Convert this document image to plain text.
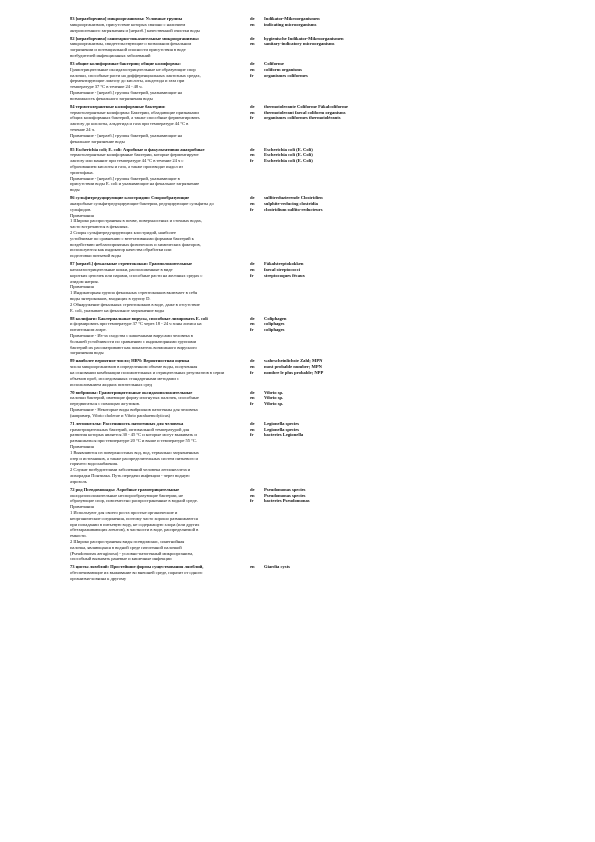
83 [неразборчиво] микроорганизмы: Условные группы
микроорганизмов, присутствие которых связано с наличием
антропогенного загрязнения и [неразб.] качественной очистки воды
de Indikator-Mikroorganismen
en indicating microorganisms
82 [неразборчиво] санитарно-показательные микроорганизмы:
микроорганизмы, свидетельствующие о возможном фекальном
загрязнении и потенциальной опасности присутствия в воде
возбудителей инфекционных заболеваний
de hygienische Indikator-Mikroorganismen
en sanitary-indicatory microorganisms
83 общие колиформные бактерии; общие колиформы:
Грамотрицательные оксидазоотрицательные не образующие спор
палочки, способные расти на дифференциальных лактозных средах,
ферментирующие лактозу до кислоты, альдегида и газа при
температуре 37 °С в течение 24 - 48 ч.
Примечание - [неразб.] группы бактерий, указывающие на
возможность фекального загрязнения воды
de Coliforme
en coliform organisms
fr organismes coliformes
84 термотолерантные колиформные бактерии:
термотолерантные колиформы: Бактерии, обладающие признаками
общих колиформных бактерий, а также способные ферментировать
лактозу до кислоты, альдегида и газа при температуре 44 °С в
течение 24 ч.
Примечание - [неразб.] группы бактерий, указывающие на
фекальное загрязнение воды
de thermotolerante Coliforme Fäkalcoliforme
en thermotolerant faecal coliform organisms
fr organismes coliformes thermotolérants
85 Escherichia coli; E. coli: Аэробные и факультативно анаэробные
термотолерантные колиформные бактерии, которые ферментируют
лактозу или маннит при температуре 44 °С в течение 24 ч с
образованием кислоты и газа, а также производят индол из
триптофана.
Примечание - [неразб.] группы бактерий, указывающие в
присутствии воды E. coli и указывающие на фекальное загрязнение
воды
de Escherichia coli (E. Coli)
en Escherichia coli (E. Coli)
fr Escherichia coli (E. Coli)
86 сульфитредуцирующие клостридии: Спорообразующие
анаэробные сульфитредуцирующие бактерии, редуцирующие сульфиты до
сульфидов.
Примечания
1 Широко распространены в почве, поверхностных и сточных водах,
часто встречаются в фекалиях.
2 Споры сульфитредуцирующих клостридий, наиболее
устойчивые по сравнению с вегетативными формами бактерий к
воздействию неблагоприятных физических и химических факторов,
используются как индикатор качества обработки или
подготовки питьевой воды
de sulfitreduzierende Clostridien
en sulphite-reducing clostridia
fr clostridium sulfito-reducteurs
87 [неразб.] фекальные стрептококки: Грамположительные
каталазоотрицательные кокки, расположенные в виде
коротких цепочек или парами, способные расти на желчных средах с
азидом натрия.
Примечания
1 Индикаторная группа фекальных стрептококков включает в себя
виды энтерококков, входящих в группу D.
2 Обнаружение фекальных стрептококков в воде, даже в отсутствие
E. coli, указывает на фекальное загрязнение воды
de Fäkalstreptokokken
en faecal streptococci
fr streptocoques fécaux
88 колифаги: Бактериальные вирусы, способные лизировать E. coli
и формировать при температуре 37 °С через 18 - 24 ч зоны лизиса на
питательном агаре.
Примечание - Из-за сходства с кишечными вирусами человека в
большей устойчивости по сравнению с индикаторными группами
бактерий их рассматривают как показатель возможного вирусного
загрязнения воды
de Coliphagen
en coliphages
fr coliphages
89 наиболее вероятное число; НВЧ: Вероятностная оценка
числа микроорганизмов в определенном объеме воды, полученная
на основании комбинации положительных и отрицательных результатов в серии
объемов проб, исследованных стандартными методами с
использованием жидких питательных сред
de wahrscheinlichste Zahl; MPN
en most probable number; MPN
fr nombre le plus probable; NPP
70 вибрионы: Грамотрицательные оксидазоположительные
палочки бактерий, имеющие форму изогнутых палочек, способные
передвигаться с помощью жгутиков.
Примечание - Некоторые виды вибрионов патогенны для человека
(например, Vibrio cholerae и Vibrio parahaemolyticus)
de Vibrio sp.
en Vibrio sp.
fr Vibrio sp.
71 легионеллы: Рассеянность патогенных для человека
грамотрицательных бактерий, оптимальной температурой для
развития которых является 30 - 45 °С и которые могут выживать и
размножаться при температуре 20 °С и выше и температуре 55 °С.
Примечания
1 Выявляются из поверхностных вод, вод, термально загрязненных
озер и источников, а также распределительных систем питьевого и
горячего водоснабжения.
2 Служат возбудителями заболеваний человека легионеллеза и
лихорадки Понтиака. Путь передачи инфекции - через водную
аэрозоль
de Legionella species
en Legionella species
fr bacteries Legionella
72 род Псевдомонады: Аэробные грамотрицательные
оксидазоположительные неспорообразующие бактерии, не
образующие спор, повсеместно распространенные в водной среде.
Примечания
1 Используют для своего роста простые органические и
неорганические соединения, поэтому часто хорошо размножаются
при попадании в питьевую воду, не содержащую хлора (или других
обеззараживающих агентов), в частности в воде, распределяемой в
емкости.
2 Широко распространены виды псевдомонас, синегнойная
палочка, являющаяся в водной среде патогенной палочкой
(Pseudomonas aeruginosa) - условно-патогенный микроорганизм,
способный вызывать раневые и кишечные инфекции
de Pseudomonas species
en Pseudomonas species
fr bacteries Pseudomonas
73 цисты лямблий: Простейшие формы существования лямблий,
обеспечивающие их выживание во внешней среде, паразит от одного
организма-хозяина к другому
en Giardia cysts
